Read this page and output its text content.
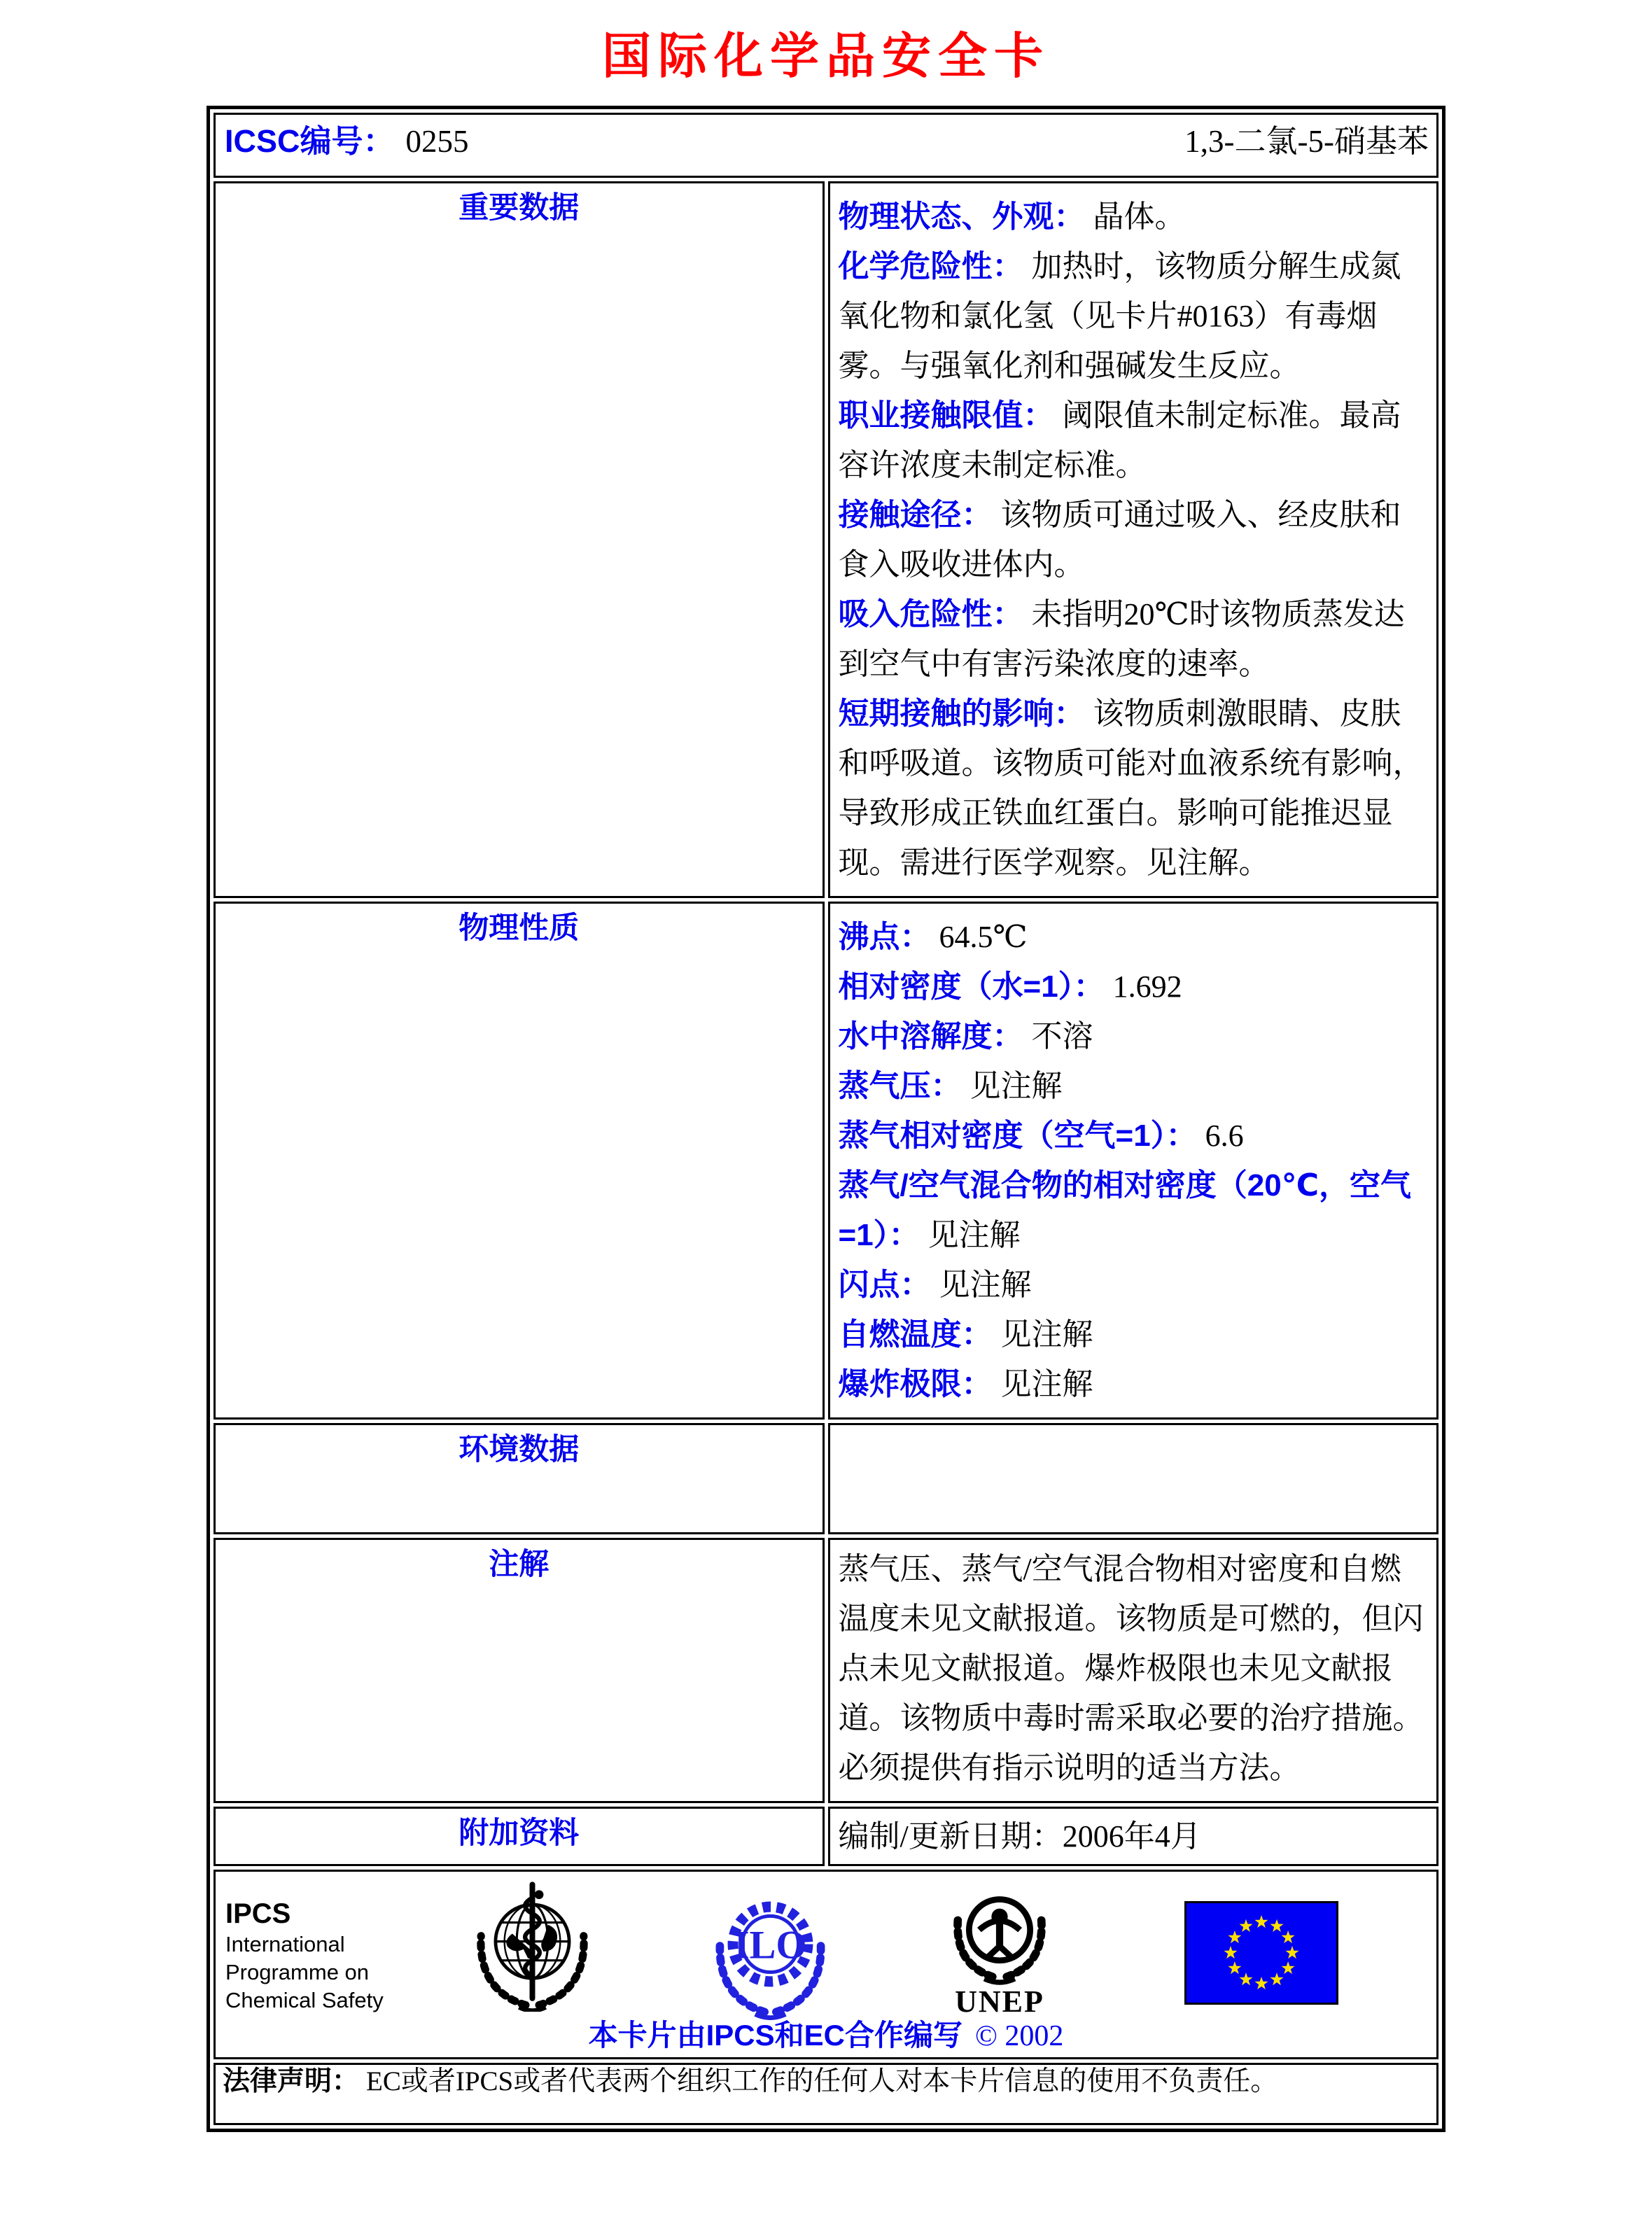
国际化学品安全卡
ICSC编号： 0255 1,3-二氯-5-硝基苯	

重要数据	物理状态、外观： 晶体。
化学危险性： 加热时，该物质分解生成氮氧化物和氯化氢（见卡片#0163）有毒烟雾。与强氧化剂和强碱发生反应。
职业接触限值： 阈限值未制定标准。最高容许浓度未制定标准。
接触途径： 该物质可通过吸入、经皮肤和食入吸收进体内。
吸入危险性： 未指明20℃时该物质蒸发达到空气中有害污染浓度的速率。
短期接触的影响： 该物质刺激眼睛、皮肤和呼吸道。该物质可能对血液系统有影响，导致形成正铁血红蛋白。影响可能推迟显现。需进行医学观察。见注解。

物理性质	沸点： 64.5℃
相对密度（水=1）： 1.692
水中溶解度： 不溶
蒸气压： 见注解
蒸气相对密度（空气=1）： 6.6
蒸气/空气混合物的相对密度（20℃，空气=1）： 见注解
闪点： 见注解
自燃温度： 见注解
爆炸极限： 见注解

环境数据	
注解	蒸气压、蒸气/空气混合物相对密度和自燃温度未见文献报道。该物质是可燃的，但闪点未见文献报道。爆炸极限也未见文献报道。该物质中毒时需采取必要的治疗措施。必须提供有指示说明的适当方法。
附加资料	编制/更新日期：2006年4月

IPCS
International
Programme on
Chemical Safety
ILO
UNEP
本卡片由IPCS和EC合作编写 © 2002

法律声明： EC或者IPCS或者代表两个组织工作的任何人对本卡片信息的使用不负责任。	
